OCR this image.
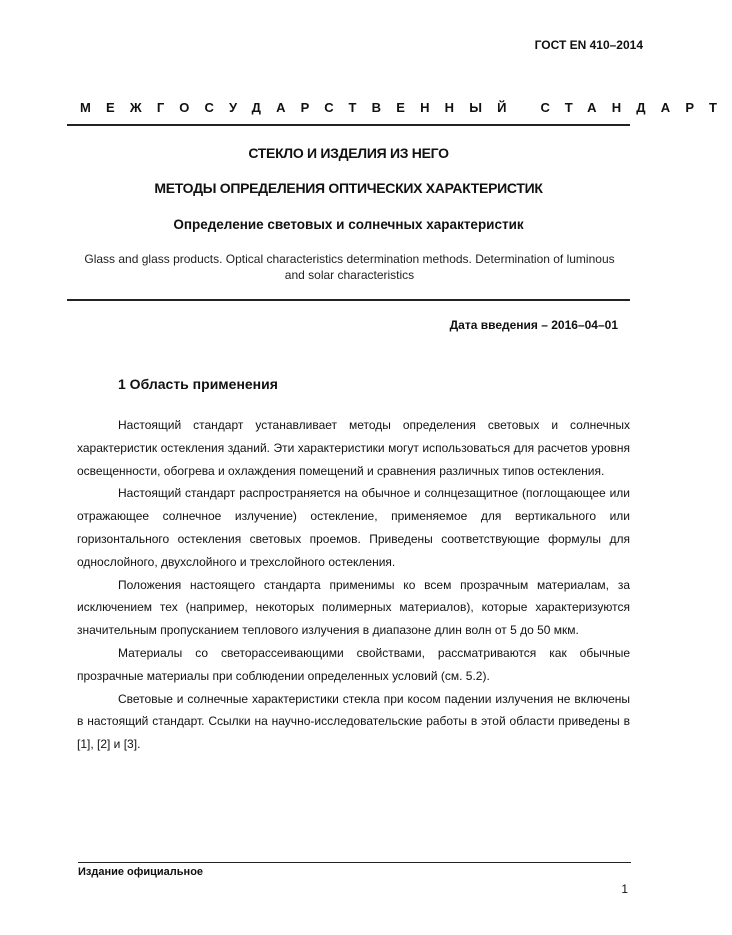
ГОСТ EN 410–2014
МЕЖГОСУДАРСТВЕННЫЙ СТАНДАРТ
СТЕКЛО И ИЗДЕЛИЯ ИЗ НЕГО
МЕТОДЫ ОПРЕДЕЛЕНИЯ ОПТИЧЕСКИХ ХАРАКТЕРИСТИК
Определение световых и солнечных характеристик
Glass and glass products. Optical characteristics determination methods. Determination of luminous and solar characteristics
Дата введения – 2016–04–01
1 Область применения

Настоящий стандарт устанавливает методы определения световых и солнечных характеристик остекления зданий. Эти характеристики могут использоваться для расчетов уровня освещенности, обогрева и охлаждения помещений и сравнения различных типов остекления.

Настоящий стандарт распространяется на обычное и солнцезащитное (поглощающее или отражающее солнечное излучение) остекление, применяемое для вертикального или горизонтального остекления световых проемов. Приведены соответствующие формулы для однослойного, двухслойного и трехслойного остекления.

Положения настоящего стандарта применимы ко всем прозрачным материалам, за исключением тех (например, некоторых полимерных материалов), которые характеризуются значительным пропусканием теплового излучения в диапазоне длин волн от 5 до 50 мкм.

Материалы со светорассеивающими свойствами, рассматриваются как обычные прозрачные материалы при соблюдении определенных условий (см. 5.2).

Световые и солнечные характеристики стекла при косом падении излучения не включены в настоящий стандарт. Ссылки на научно-исследовательские работы в этой области приведены в [1], [2] и [3].

Издание официальное
1
